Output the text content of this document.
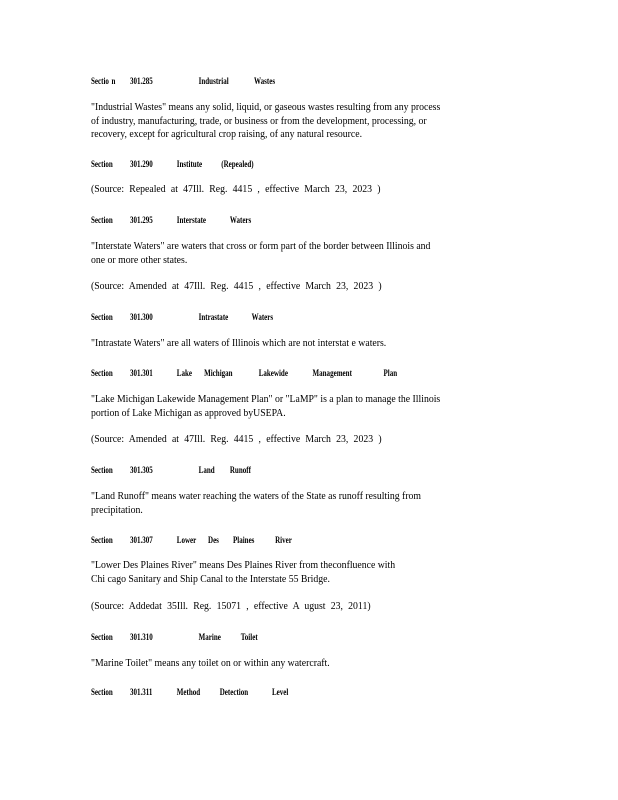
Sectio n 301.285	Industrial	Wastes
"Industrial Wastes" means any solid, liquid, or gaseous wastes resulting from any process
of industry, manufacturing, trade, or business or from the development, processing, or
recovery, except for agricultural crop raising, of any natural resource.
Section 301.290	Institute (Repealed)
(Source: Repealed at 47Ill. Reg. 4415 , effective March 23, 2023 )
Section 301.295	Interstate	Waters
"Interstate Waters" are waters that cross or form part of the border between Illinois and
one or more other states.
(Source: Amended at 47Ill. Reg. 4415 , effective March 23, 2023 )
Section 301.300	Intrastate	Waters
"Intrastate Waters" are all waters of Illinois which are not interstat e waters.
Section 301.301	Lake Michigan	Lakewide	Management	Plan
"Lake Michigan Lakewide Management Plan" or "LaMP" is a plan to manage the Illinois
portion of Lake Michigan as approved byUSEPA.
(Source: Amended at 47Ill. Reg. 4415 , effective March 23, 2023 )
Section 301.305	Land Runoff
"Land Runoff" means water reaching the waters of the State as runoff resulting from
precipitation.
Section 301.307	Lower Des Plaines River
"Lower Des Plaines River" means Des Plaines River from theconfluence with
Chi cago Sanitary and Ship Canal to the Interstate 55 Bridge.
(Source: Addedat 35Ill. Reg. 15071 , effective A ugust 23, 2011)
Section 301.310	Marine Toilet
"Marine Toilet" means any toilet on or within any watercraft.
Section 301.311	Method Detection	Level
